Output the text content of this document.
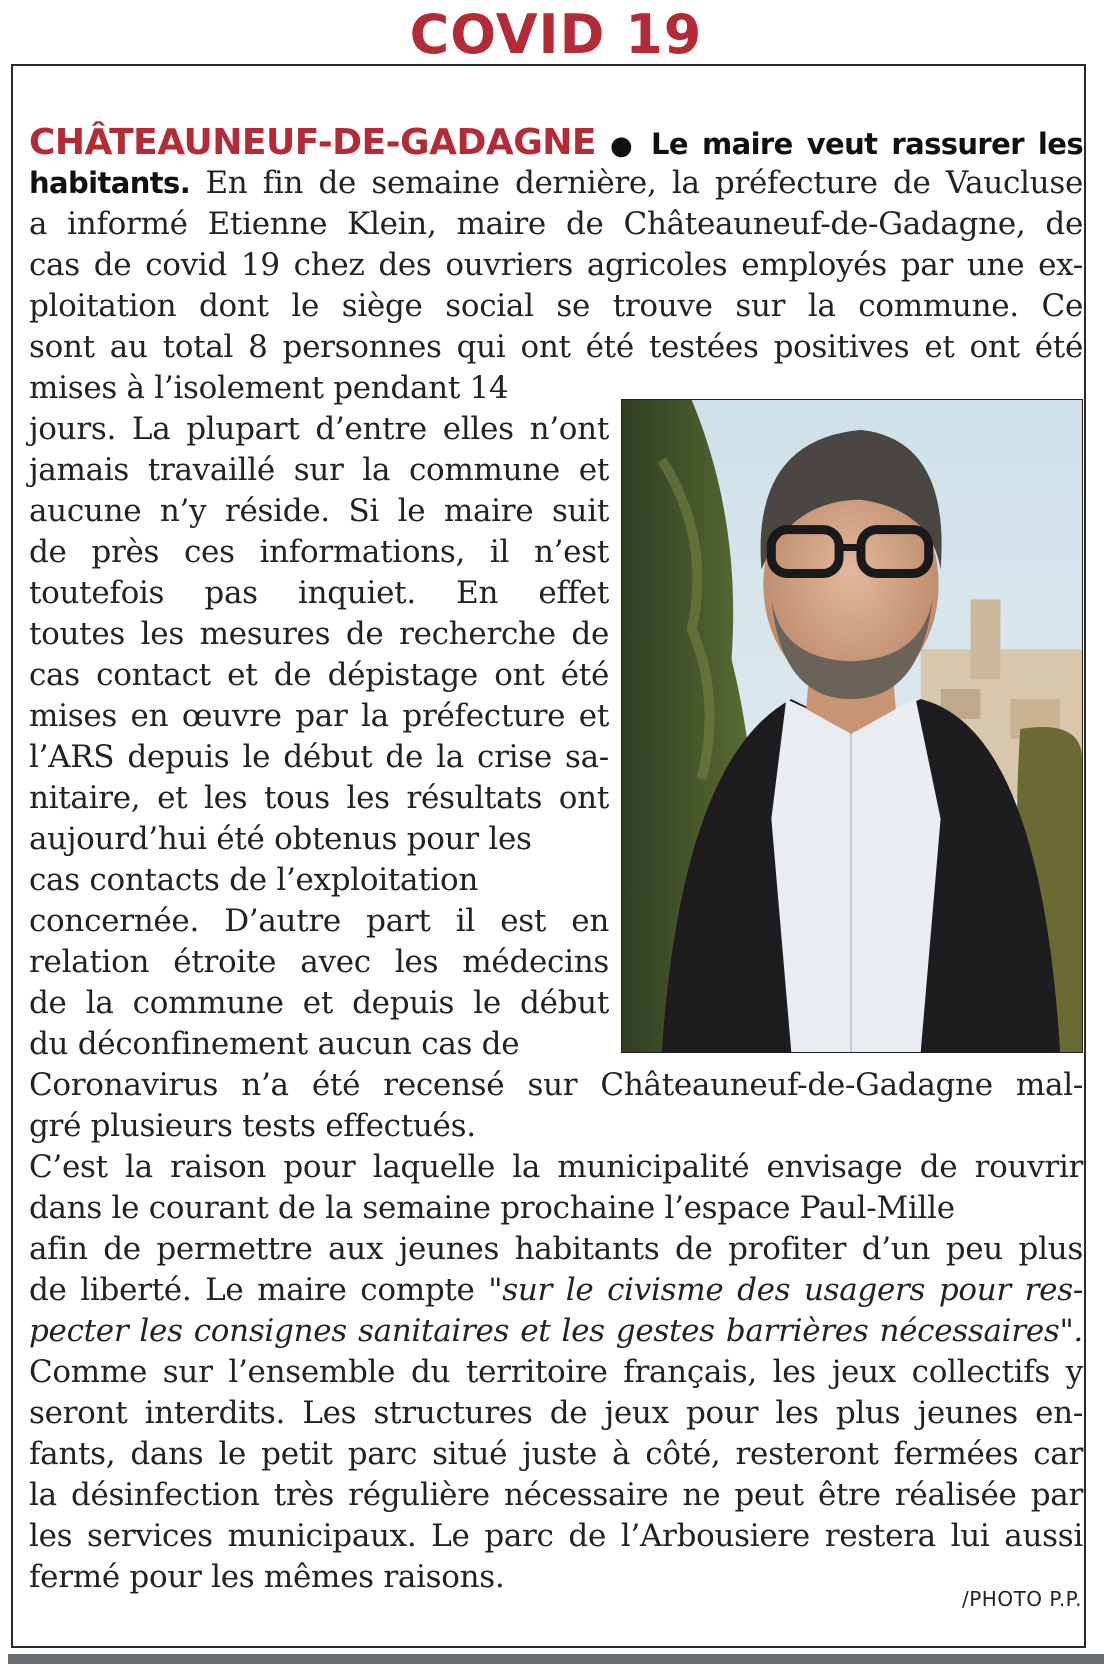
COVID 19
CHÂTEAUNEUF-DE-GADAGNE ● Le maire veut rassurer les
habitants. En fin de semaine dernière, la préfecture de Vaucluse
a informé Etienne Klein, maire de Châteauneuf-de-Gadagne, de
cas de covid 19 chez des ouvriers agricoles employés par une ex-
ploitation dont le siège social se trouve sur la commune. Ce
sont au total 8 personnes qui ont été testées positives et ont été
mises à l’isolement pendant 14
jours. La plupart d’entre elles n’ont
jamais travaillé sur la commune et
aucune n’y réside. Si le maire suit
de près ces informations, il n’est
toutefois pas inquiet. En effet
toutes les mesures de recherche de
cas contact et de dépistage ont été
mises en œuvre par la préfecture et
l’ARS depuis le début de la crise sa-
nitaire, et les tous les résultats ont
aujourd’hui été obtenus pour les
cas contacts de l’exploitation
concernée. D’autre part il est en
relation étroite avec les médecins
de la commune et depuis le début
du déconfinement aucun cas de
Coronavirus n’a été recensé sur Châteauneuf-de-Gadagne mal-
gré plusieurs tests effectués.
C’est la raison pour laquelle la municipalité envisage de rouvrir
dans le courant de la semaine prochaine l’espace Paul-Mille
afin de permettre aux jeunes habitants de profiter d’un peu plus
de liberté. Le maire compte "sur le civisme des usagers pour res-
pecter les consignes sanitaires et les gestes barrières nécessaires".
Comme sur l’ensemble du territoire français, les jeux collectifs y
seront interdits. Les structures de jeux pour les plus jeunes en-
fants, dans le petit parc situé juste à côté, resteront fermées car
la désinfection très régulière nécessaire ne peut être réalisée par
les services municipaux. Le parc de l’Arbousiere restera lui aussi
fermé pour les mêmes raisons.
/PHOTO P.P.
